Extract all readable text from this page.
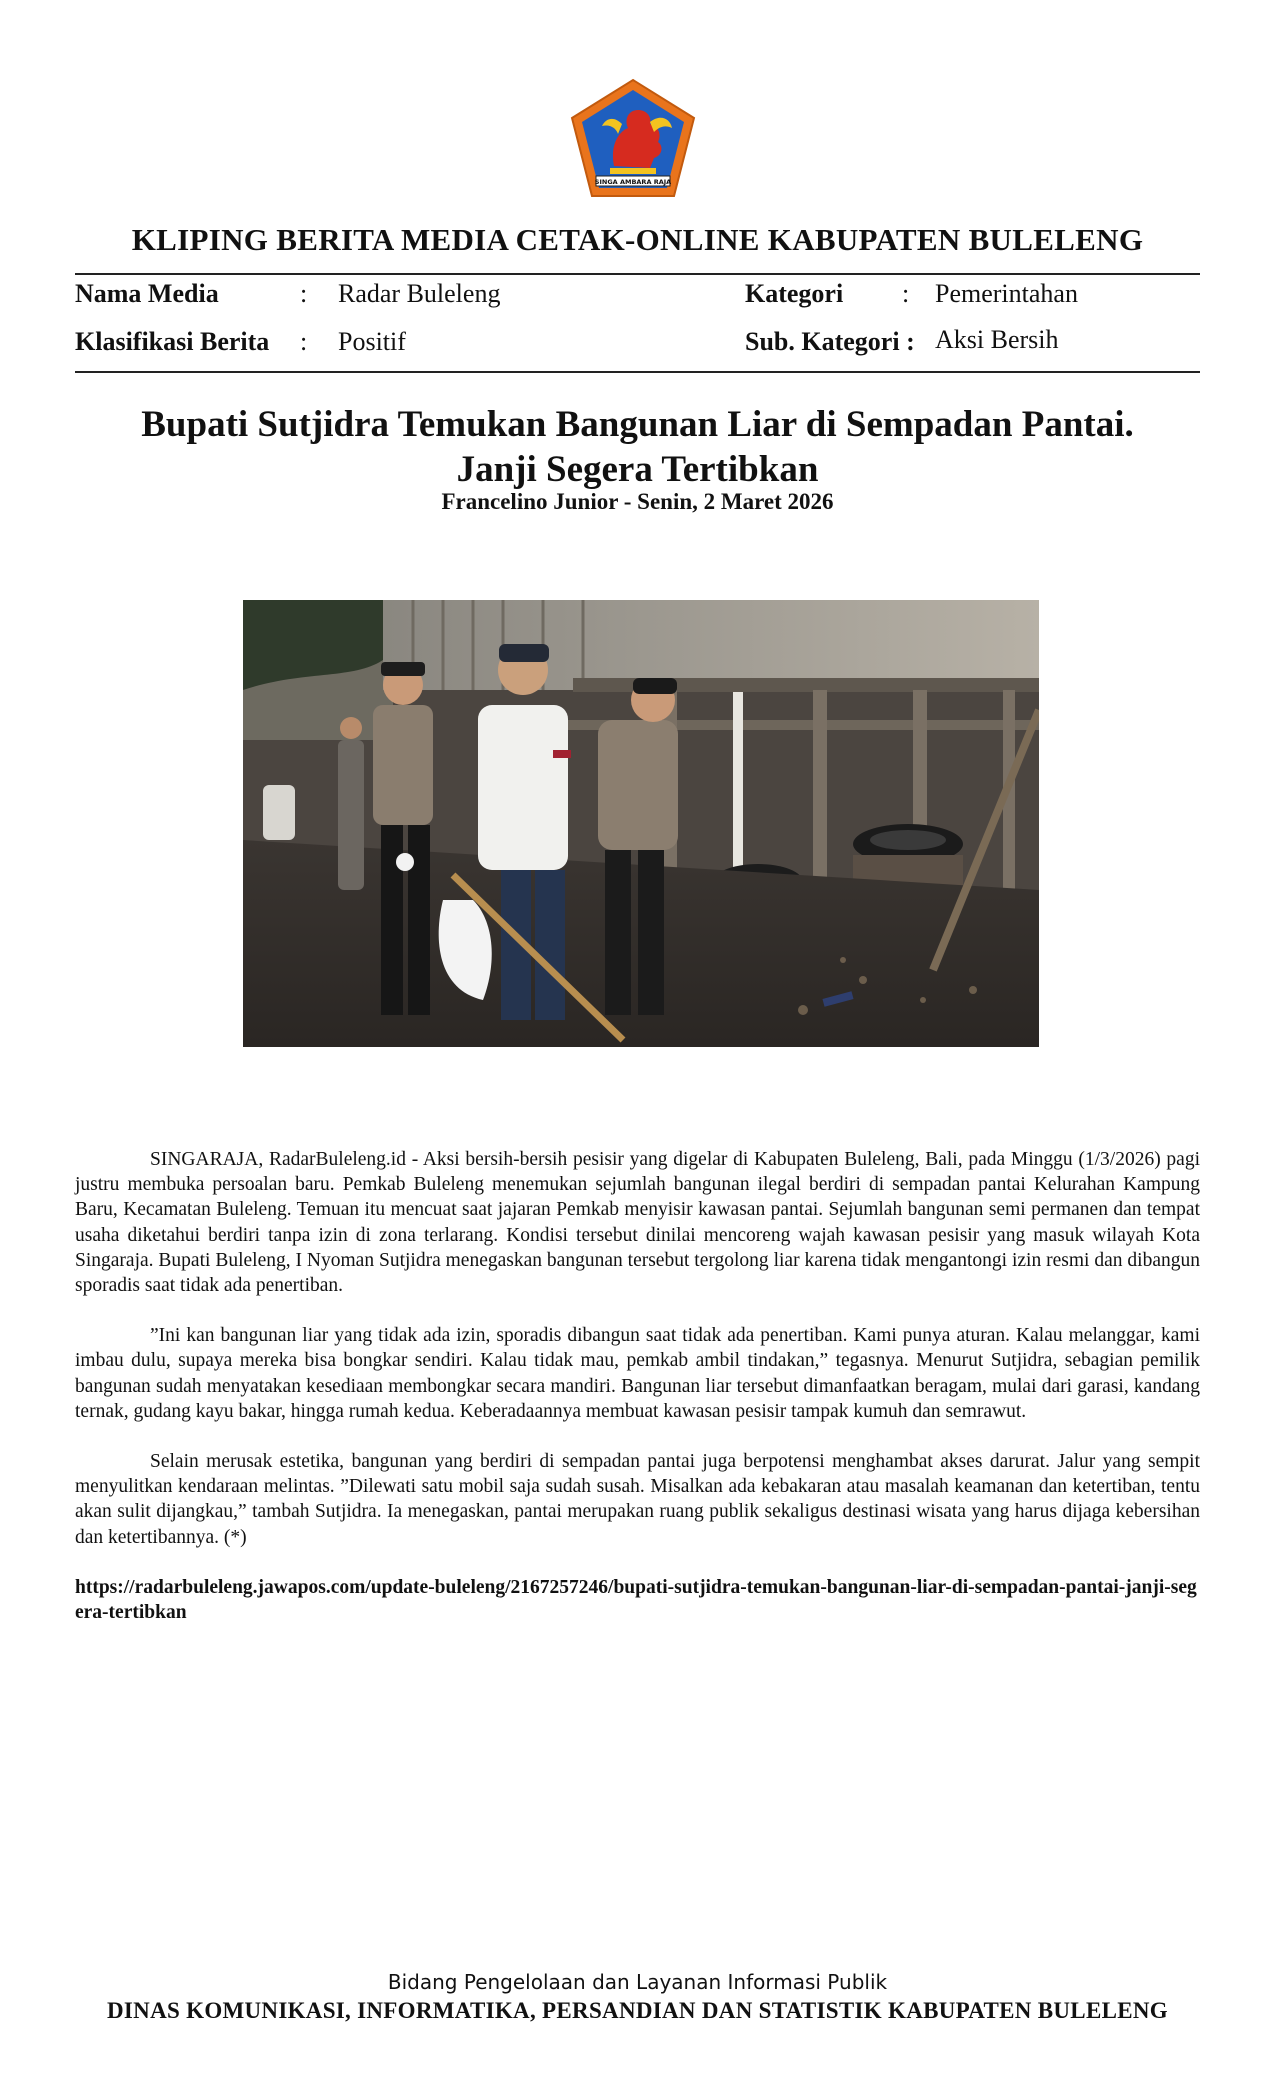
SINGA AMBARA RAJA
KLIPING BERITA MEDIA CETAK-ONLINE KABUPATEN BULELENG
Nama Media	: Radar Buleleng	Kategori : Pemerintahan
Klasifikasi Berita : Positif	Sub. Kategori : Aksi Bersih
Bupati Sutjidra Temukan Bangunan Liar di Sempadan Pantai.
Janji Segera Tertibkan
Francelino Junior - Senin, 2 Maret 2026

SINGARAJA, RadarBuleleng.id - Aksi bersih-bersih pesisir yang digelar di Kabupaten Buleleng, Bali, pada Minggu (1/3/2026) pagi justru membuka persoalan baru. Pemkab Buleleng menemukan sejumlah bangunan ilegal berdiri di sempadan pantai Kelurahan Kampung Baru, Kecamatan Buleleng. Temuan itu mencuat saat jajaran Pemkab menyisir kawasan pantai. Sejumlah bangunan semi permanen dan tempat usaha diketahui berdiri tanpa izin di zona terlarang. Kondisi tersebut dinilai mencoreng wajah kawasan pesisir yang masuk wilayah Kota Singaraja. Bupati Buleleng, I Nyoman Sutjidra menegaskan bangunan tersebut tergolong liar karena tidak mengantongi izin resmi dan dibangun sporadis saat tidak ada penertiban.

”Ini kan bangunan liar yang tidak ada izin, sporadis dibangun saat tidak ada penertiban. Kami punya aturan. Kalau melanggar, kami imbau dulu, supaya mereka bisa bongkar sendiri. Kalau tidak mau, pemkab ambil tindakan,” tegasnya. Menurut Sutjidra, sebagian pemilik bangunan sudah menyatakan kesediaan membongkar secara mandiri. Bangunan liar tersebut dimanfaatkan beragam, mulai dari garasi, kandang ternak, gudang kayu bakar, hingga rumah kedua. Keberadaannya membuat kawasan pesisir tampak kumuh dan semrawut.

Selain merusak estetika, bangunan yang berdiri di sempadan pantai juga berpotensi menghambat akses darurat. Jalur yang sempit menyulitkan kendaraan melintas. ”Dilewati satu mobil saja sudah susah. Misalkan ada kebakaran atau masalah keamanan dan ketertiban, tentu akan sulit dijangkau,” tambah Sutjidra. Ia menegaskan, pantai merupakan ruang publik sekaligus destinasi wisata yang harus dijaga kebersihan dan ketertibannya. (*)

https://radarbuleleng.jawapos.com/update-buleleng/2167257246/bupati-sutjidra-temukan-bangunan-liar-di-sempadan-pantai-janji-segera-tertibkan

Bidang Pengelolaan dan Layanan Informasi Publik
DINAS KOMUNIKASI, INFORMATIKA, PERSANDIAN DAN STATISTIK KABUPATEN BULELENG
